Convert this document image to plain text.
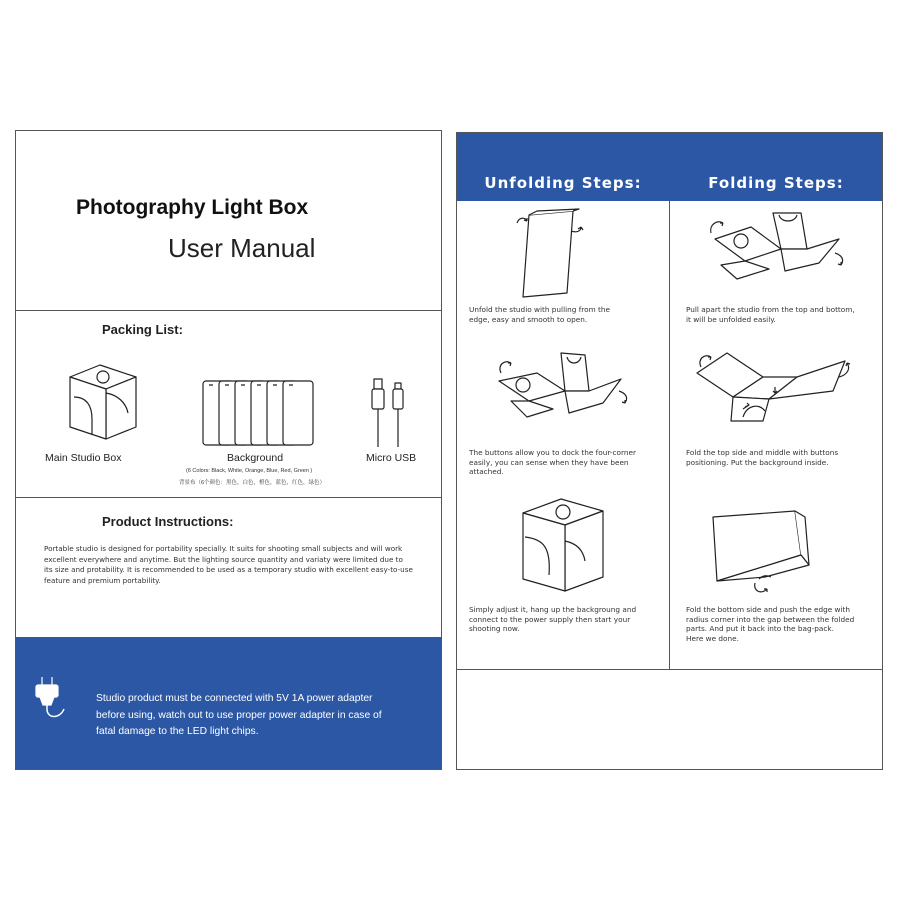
Photography Light Box
User Manual
Packing List:
Main Studio Box	Background
(6 Colors: Black, White, Orange, Blue, Red, Green )
背景布（6个颜色：黑色，白色，橙色，蓝色，红色，绿色）
Micro USB
Product Instructions:
Portable studio is designed for portability specially. It suits for shooting small subjects and will work
excellent everywhere and anytime. But the lighting source quantity and variaty were limited due to
its size and protability. It is recommended to be used as a temporary studio with excellent easy-to-use
feature and premium portability.
Studio product must be connected with 5V 1A power adapter
before using, watch out to use proper power adapter in case of
fatal damage to the LED light chips.
Unfolding Steps:	Folding Steps:
Unfold the studio with pulling from the
edge, easy and smooth to open.
The buttons allow you to dock the four-corner
easily, you can sense when they have been
attached.
Simply adjust it, hang up the backgroung and
connect to the power supply then start your
shooting now.
Pull apart the studio from the top and bottom,
it will be unfolded easily.
Fold the top side and middle with buttons
positioning. Put the background inside.
Fold the bottom side and push the edge with
radius corner into the gap between the folded
parts. And put it back into the bag-pack.
Here we done.
